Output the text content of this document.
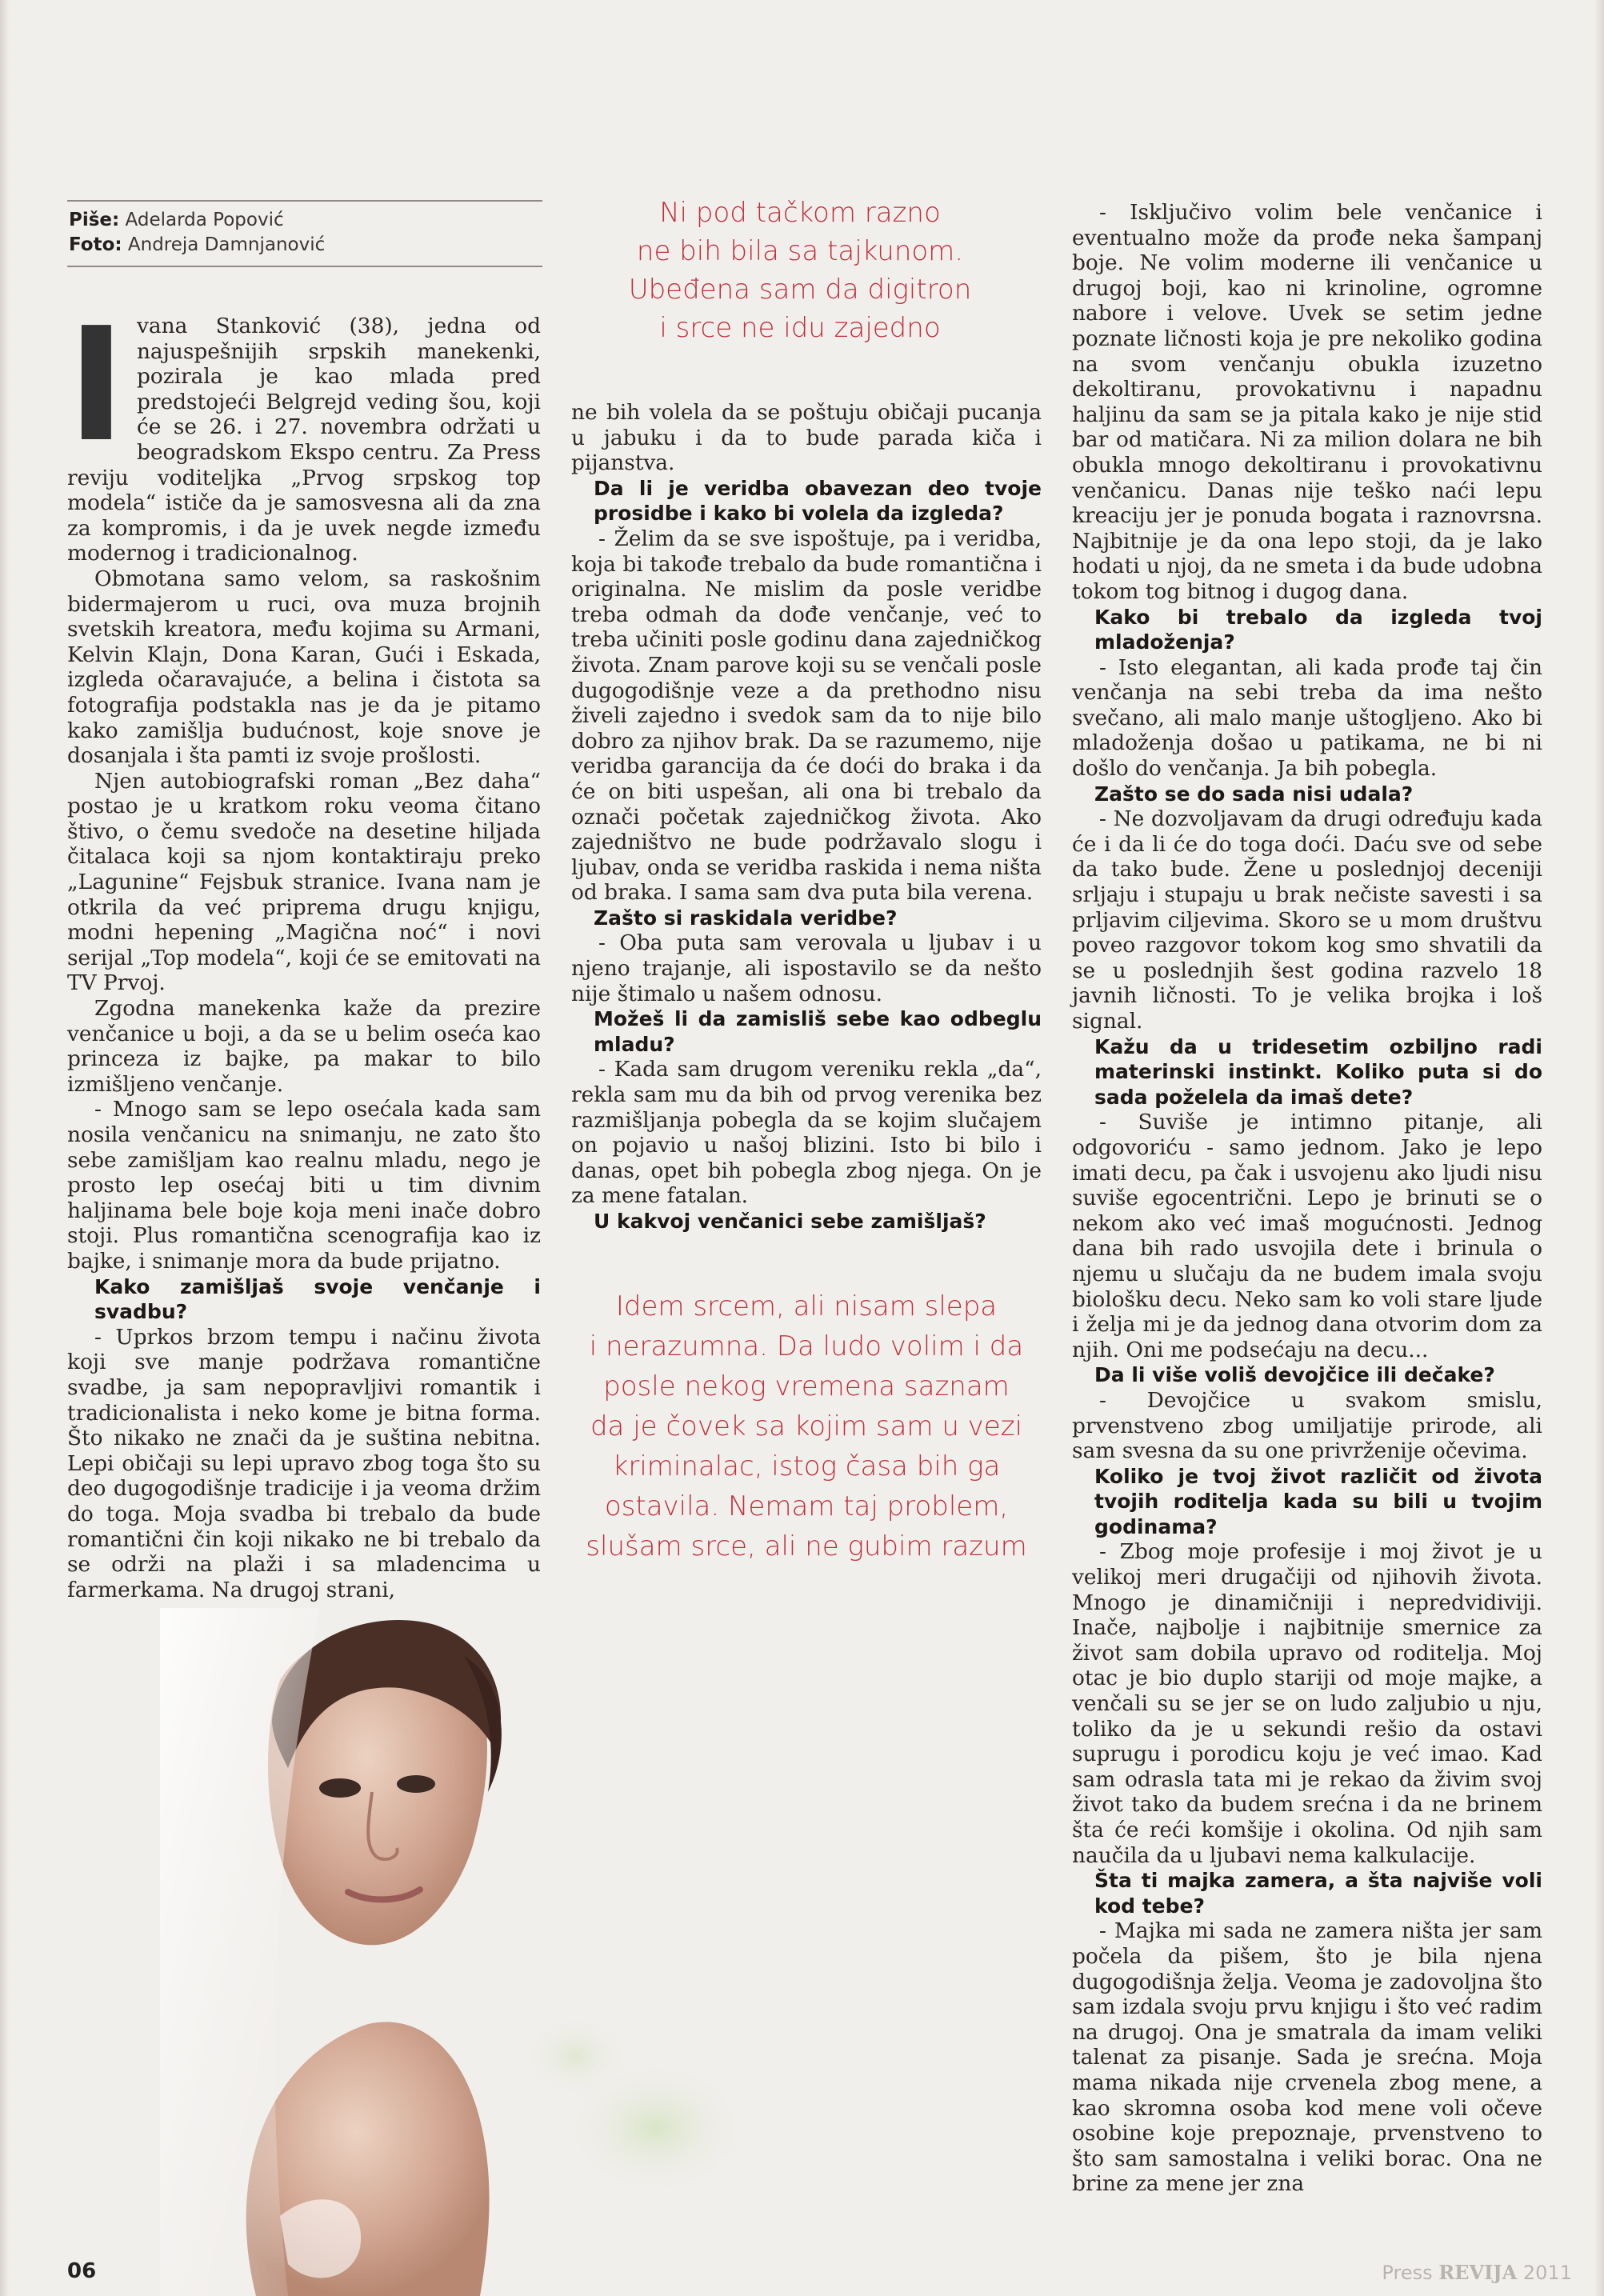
Piše: Adelarda Popović
Foto: Andreja Damnjanović

I vana Stanković (38), jedna od najuspešnijih srpskih manekenki, pozirala je kao mlada pred predstojeći Belgrejd veding šou, koji će se 26. i 27. novembra održati u beogradskom Ekspo centru. Za Press reviju voditeljka „Prvog srpskog top modela“ ističe da je samosvesna ali da zna za kompromis, i da je uvek negde između modernog i tradicionalnog.

Obmotana samo velom, sa raskošnim bidermajerom u ruci, ova muza brojnih svetskih kreatora, među kojima su Armani, Kelvin Klajn, Dona Karan, Gući i Eskada, izgleda očaravajuće, a belina i čistota sa fotografija podstakla nas je da je pitamo kako zamišlja budućnost, koje snove je dosanjala i šta pamti iz svoje prošlosti.

Njen autobiografski roman „Bez daha“ postao je u kratkom roku veoma čitano štivo, o čemu svedoče na desetine hiljada čitalaca koji sa njom kontaktiraju preko „Lagunine“ Fejsbuk stranice. Ivana nam je otkrila da već priprema drugu knjigu, modni hepening „Magična noć“ i novi serijal „Top modela“, koji će se emitovati na TV Prvoj.

Zgodna manekenka kaže da prezire venčanice u boji, a da se u belim oseća kao princeza iz bajke, pa makar to bilo izmišljeno venčanje.

- Mnogo sam se lepo osećala kada sam nosila venčanicu na snimanju, ne zato što sebe zamišljam kao realnu mladu, nego je prosto lep osećaj biti u tim divnim haljinama bele boje koja meni inače dobro stoji. Plus romantična scenografija kao iz bajke, i snimanje mora da bude prijatno.

Kako zamišljaš svoje venčanje i svadbu?

- Uprkos brzom tempu i načinu života koji sve manje podržava romantične svadbe, ja sam nepopravljivi romantik i tradicionalista i neko kome je bitna forma. Što nikako ne znači da je suština nebitna. Lepi običaji su lepi upravo zbog toga što su deo dugogodišnje tradicije i ja veoma držim do toga. Moja svadba bi trebalo da bude romantični čin koji nikako ne bi trebalo da se održi na plaži i sa mladencima u farmerkama. Na drugoj strani,

Ni pod tačkom razno
ne bih bila sa tajkunom.
Ubeđena sam da digitron
i srce ne idu zajedno

ne bih volela da se poštuju običaji pucanja u jabuku i da to bude parada kiča i pijanstva.

Da li je veridba obavezan deo tvoje prosidbe i kako bi volela da izgleda?

- Želim da se sve ispoštuje, pa i veridba, koja bi takođe trebalo da bude romantična i originalna. Ne mislim da posle veridbe treba odmah da dođe venčanje, već to treba učiniti posle godinu dana zajedničkog života. Znam parove koji su se venčali posle dugogodišnje veze a da prethodno nisu živeli zajedno i svedok sam da to nije bilo dobro za njihov brak. Da se razumemo, nije veridba garancija da će doći do braka i da će on biti uspešan, ali ona bi trebalo da označi početak zajedničkog života. Ako zajedništvo ne bude podržavalo slogu i ljubav, onda se veridba raskida i nema ništa od braka. I sama sam dva puta bila verena.

Zašto si raskidala veridbe?

- Oba puta sam verovala u ljubav i u njeno trajanje, ali ispostavilo se da nešto nije štimalo u našem odnosu.

Možeš li da zamisliš sebe kao odbeglu mladu?

- Kada sam drugom vereniku rekla „da“, rekla sam mu da bih od prvog verenika bez razmišljanja pobegla da se kojim slučajem on pojavio u našoj blizini. Isto bi bilo i danas, opet bih pobegla zbog njega. On je za mene fatalan.

U kakvoj venčanici sebe zamišljaš?
Idem srcem, ali nisam slepa
i nerazumna. Da ludo volim i da
posle nekog vremena saznam
da je čovek sa kojim sam u vezi
kriminalac, istog časa bih ga
ostavila. Nemam taj problem,
slušam srce, ali ne gubim razum

- Isključivo volim bele venčanice i eventualno može da prođe neka šampanj boje. Ne volim moderne ili venčanice u drugoj boji, kao ni krinoline, ogromne nabore i velove. Uvek se setim jedne poznate ličnosti koja je pre nekoliko godina na svom venčanju obukla izuzetno dekoltiranu, provokativnu i napadnu haljinu da sam se ja pitala kako je nije stid bar od matičara. Ni za milion dolara ne bih obukla mnogo dekoltiranu i provokativnu venčanicu. Danas nije teško naći lepu kreaciju jer je ponuda bogata i raznovrsna. Najbitnije je da ona lepo stoji, da je lako hodati u njoj, da ne smeta i da bude udobna tokom tog bitnog i dugog dana.

Kako bi trebalo da izgleda tvoj mladoženja?

- Isto elegantan, ali kada prođe taj čin venčanja na sebi treba da ima nešto svečano, ali malo manje uštogljeno. Ako bi mladoženja došao u patikama, ne bi ni došlo do venčanja. Ja bih pobegla.

Zašto se do sada nisi udala?

- Ne dozvoljavam da drugi određuju kada će i da li će do toga doći. Daću sve od sebe da tako bude. Žene u poslednjoj deceniji srljaju i stupaju u brak nečiste savesti i sa prljavim ciljevima. Skoro se u mom društvu poveo razgovor tokom kog smo shvatili da se u poslednjih šest godina razvelo 18 javnih ličnosti. To je velika brojka i loš signal.

Kažu da u tridesetim ozbiljno radi materinski instinkt. Koliko puta si do sada poželela da imaš dete?

- Suviše je intimno pitanje, ali odgovoriću - samo jednom. Jako je lepo imati decu, pa čak i usvojenu ako ljudi nisu suviše egocentrični. Lepo je brinuti se o nekom ako već imaš mogućnosti. Jednog dana bih rado usvojila dete i brinula o njemu u slučaju da ne budem imala svoju biološku decu. Neko sam ko voli stare ljude i želja mi je da jednog dana otvorim dom za njih. Oni me podsećaju na decu...

Da li više voliš devojčice ili dečake?

- Devojčice u svakom smislu, prvenstveno zbog umiljatije prirode, ali sam svesna da su one privrženije očevima.

Koliko je tvoj život različit od života tvojih roditelja kada su bili u tvojim godinama?

- Zbog moje profesije i moj život je u velikoj meri drugačiji od njihovih života. Mnogo je dinamičniji i nepredvidiviji. Inače, najbolje i najbitnije smernice za život sam dobila upravo od roditelja. Moj otac je bio duplo stariji od moje majke, a venčali su se jer se on ludo zaljubio u nju, toliko da je u sekundi rešio da ostavi suprugu i porodicu koju je već imao. Kad sam odrasla tata mi je rekao da živim svoj život tako da budem srećna i da ne brinem šta će reći komšije i okolina. Od njih sam naučila da u ljubavi nema kalkulacije.

Šta ti majka zamera, a šta najviše voli kod tebe?

- Majka mi sada ne zamera ništa jer sam počela da pišem, što je bila njena dugogodišnja želja. Veoma je zadovoljna što sam izdala svoju prvu knjigu i što već radim na drugoj. Ona je smatrala da imam veliki talenat za pisanje. Sada je srećna. Moja mama nikada nije crvenela zbog mene, a kao skromna osoba kod mene voli očeve osobine koje prepoznaje, prvenstveno to što sam samostalna i veliki borac. Ona ne brine za mene jer zna

06	Press REVIJA 2011
